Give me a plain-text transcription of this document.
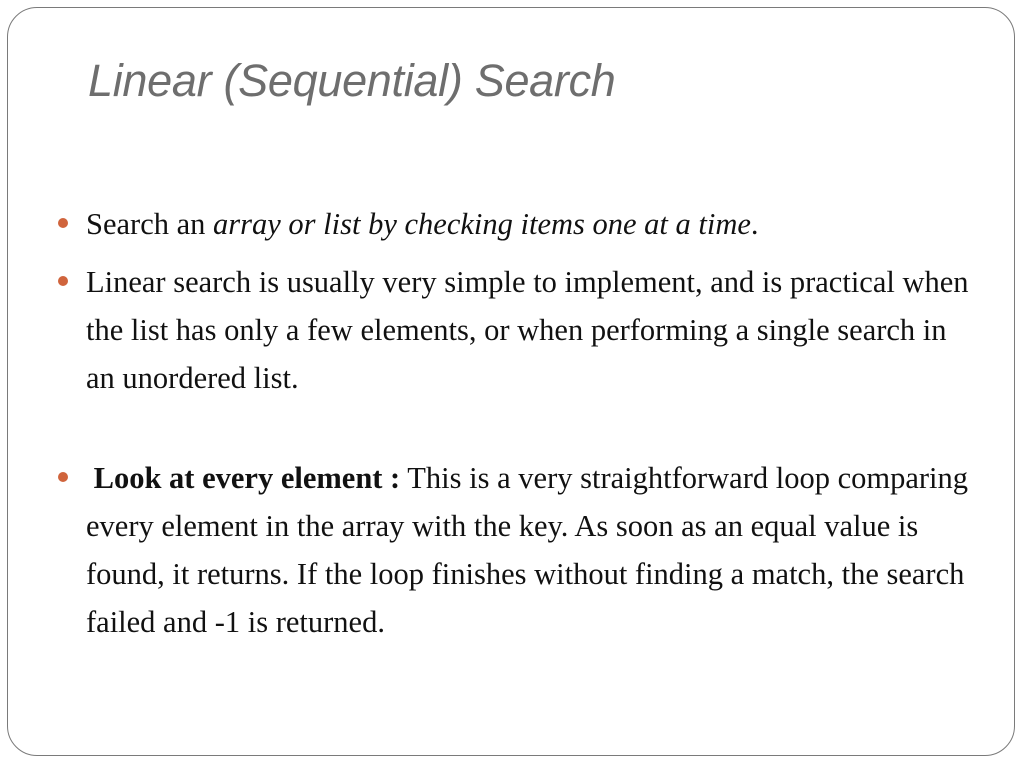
Linear (Sequential) Search
Search an array or list by checking items one at a time.
Linear search is usually very simple to implement, and is practical when the list has only a few elements, or when performing a single search in an unordered list.
Look at every element : This is a very straightforward loop comparing every element in the array with the key. As soon as an equal value is found, it returns. If the loop finishes without finding a match, the search failed and -1 is returned.
